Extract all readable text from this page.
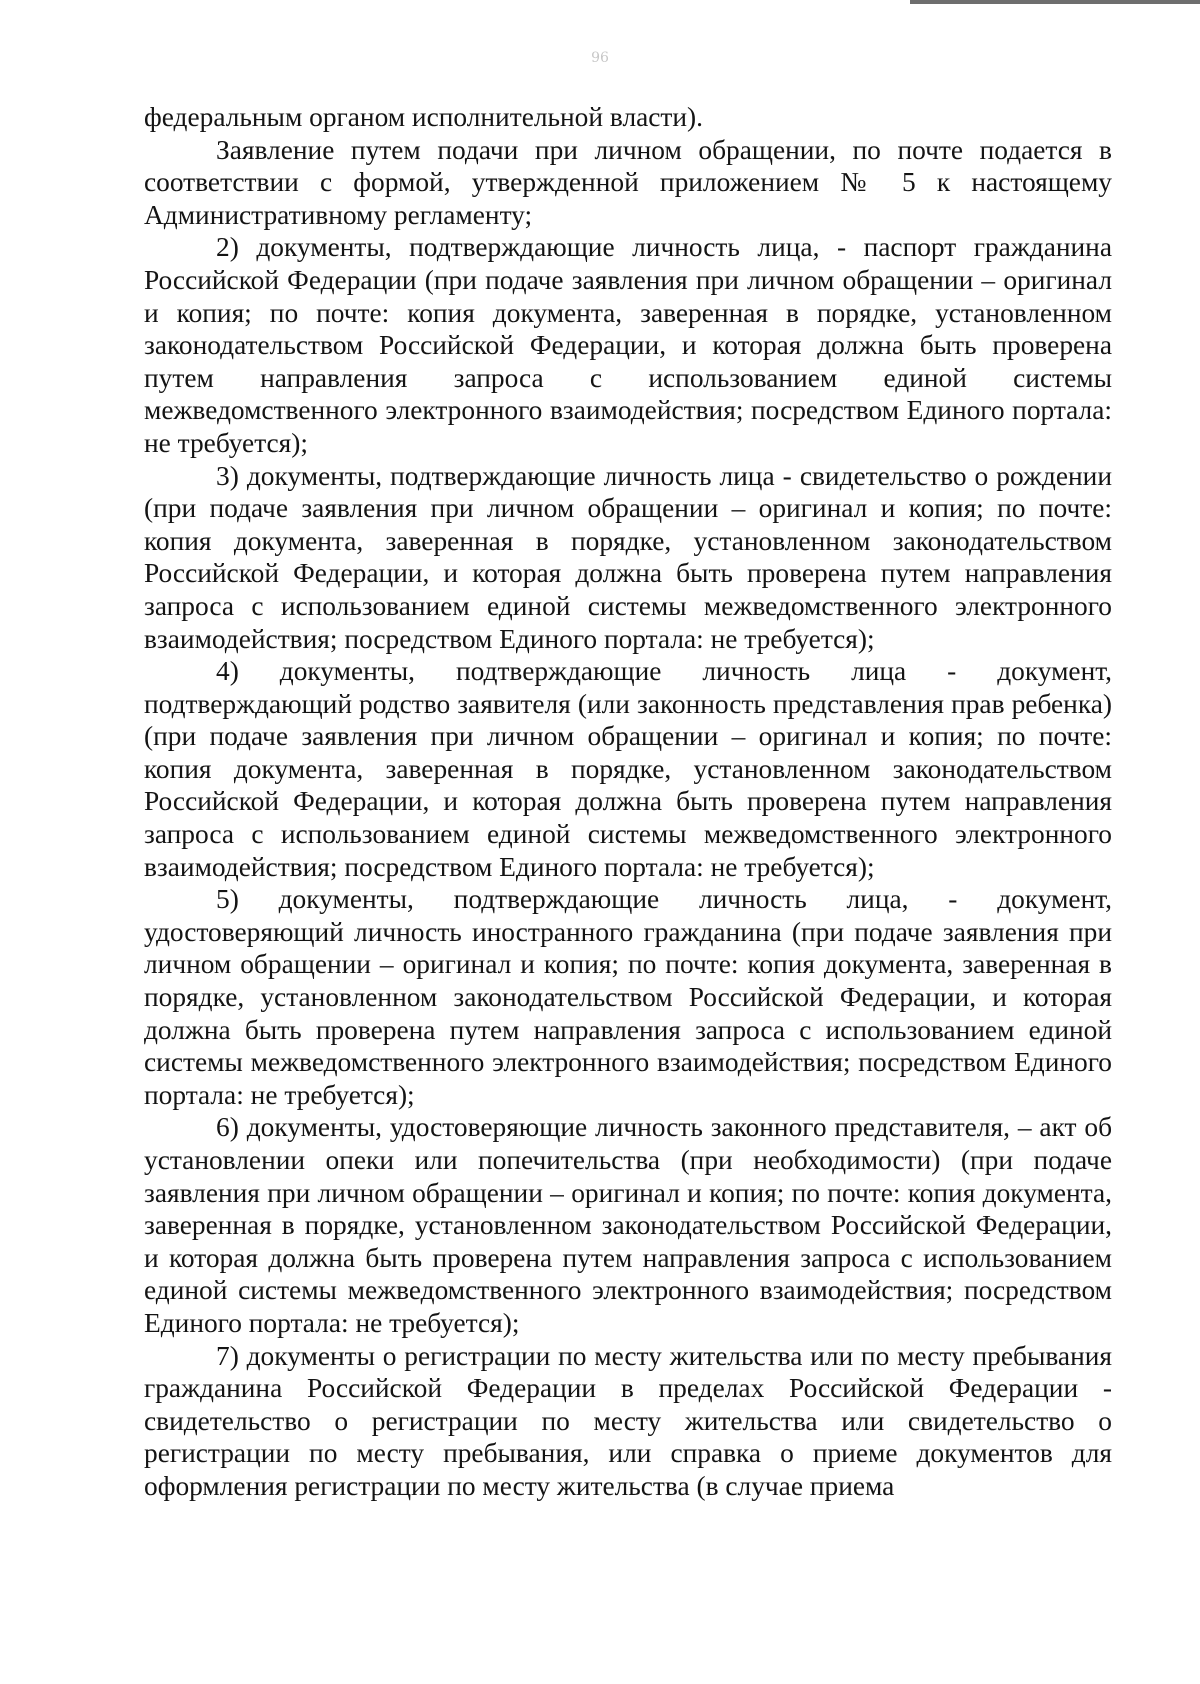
96

федеральным органом исполнительной власти).

Заявление путем подачи при личном обращении, по почте подается в соответствии с формой, утвержденной приложением № 5 к настоящему Административному регламенту;

2) документы, подтверждающие личность лица, - паспорт гражданина Российской Федерации (при подаче заявления при личном обращении – оригинал и копия; по почте: копия документа, заверенная в порядке, установленном законодательством Российской Федерации, и которая должна быть проверена путем направления запроса с использованием единой системы межведомственного электронного взаимодействия; посредством Единого портала: не требуется);

3) документы, подтверждающие личность лица - свидетельство о рождении (при подаче заявления при личном обращении – оригинал и копия; по почте: копия документа, заверенная в порядке, установленном законодательством Российской Федерации, и которая должна быть проверена путем направления запроса с использованием единой системы межведомственного электронного взаимодействия; посредством Единого портала: не требуется);

4) документы, подтверждающие личность лица - документ, подтверждающий родство заявителя (или законность представления прав ребенка) (при подаче заявления при личном обращении – оригинал и копия; по почте: копия документа, заверенная в порядке, установленном законодательством Российской Федерации, и которая должна быть проверена путем направления запроса с использованием единой системы межведомственного электронного взаимодействия; посредством Единого портала: не требуется);

5) документы, подтверждающие личность лица, - документ, удостоверяющий личность иностранного гражданина (при подаче заявления при личном обращении – оригинал и копия; по почте: копия документа, заверенная в порядке, установленном законодательством Российской Федерации, и которая должна быть проверена путем направления запроса с использованием единой системы межведомственного электронного взаимодействия; посредством Единого портала: не требуется);

6) документы, удостоверяющие личность законного представителя, – акт об установлении опеки или попечительства (при необходимости) (при подаче заявления при личном обращении – оригинал и копия; по почте: копия документа, заверенная в порядке, установленном законодательством Российской Федерации, и которая должна быть проверена путем направления запроса с использованием единой системы межведомственного электронного взаимодействия; посредством Единого портала: не требуется);

7) документы о регистрации по месту жительства или по месту пребывания гражданина Российской Федерации в пределах Российской Федерации - свидетельство о регистрации по месту жительства или свидетельство о регистрации по месту пребывания, или справка о приеме документов для оформления регистрации по месту жительства (в случае приема
